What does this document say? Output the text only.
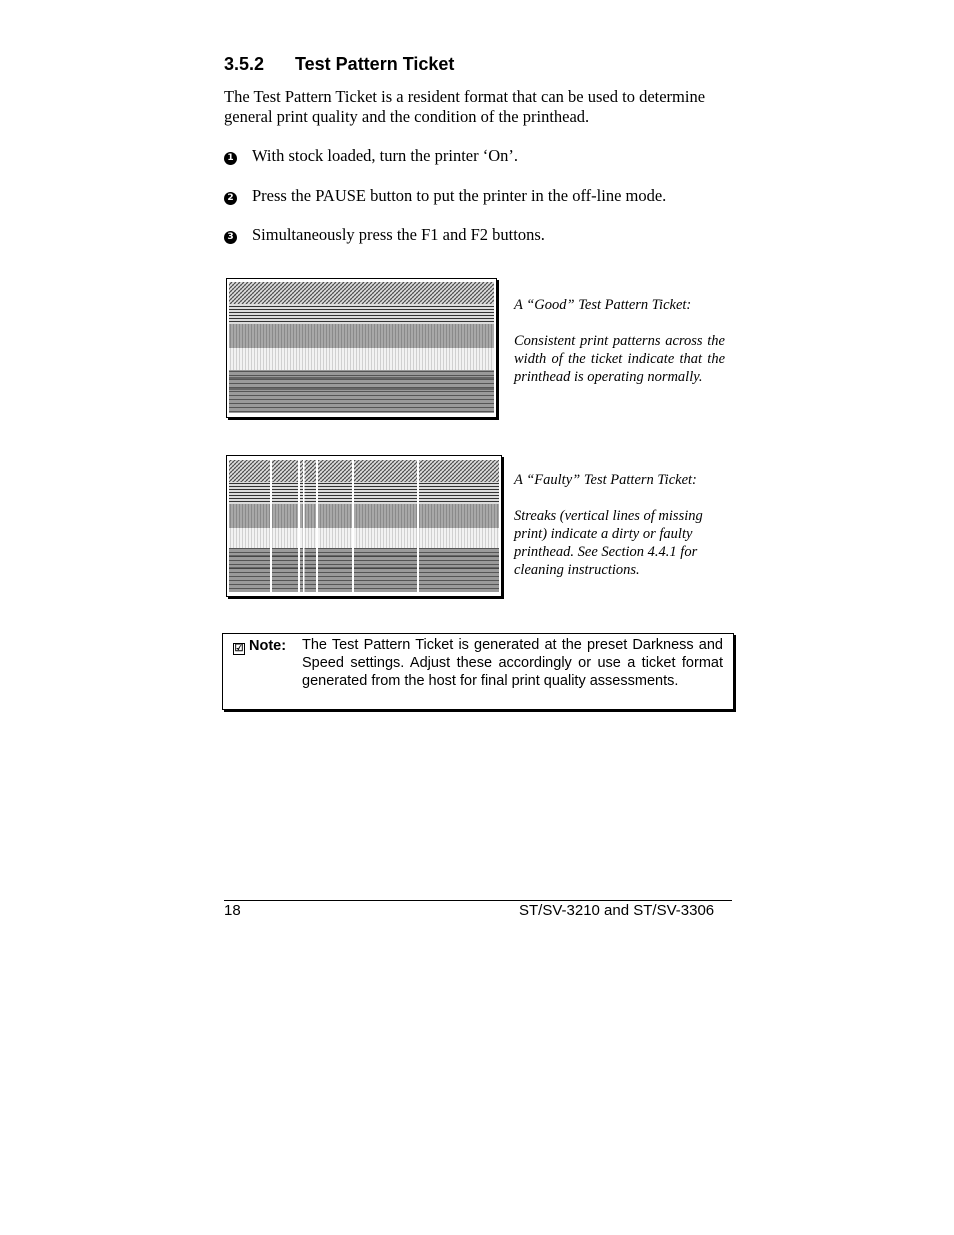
3.5.2 Test Pattern Ticket
The Test Pattern Ticket is a resident format that can be used to determine general print quality and the condition of the printhead.
1 With stock loaded, turn the printer ‘On’.
2 Press the PAUSE button to put the printer in the off-line mode.
3 Simultaneously press the F1 and F2 buttons.
A “Good” Test Pattern Ticket:
Consistent print patterns across the width of the ticket indicate that the printhead is operating normally.
A “Faulty” Test Pattern Ticket:
Streaks (vertical lines of missing print) indicate a dirty or faulty printhead. See Section 4.4.1 for cleaning instructions.
☑ Note: The Test Pattern Ticket is generated at the preset Darkness and Speed settings. Adjust these accordingly or use a ticket format generated from the host for final print quality assessments.
18	ST/SV-3210 and ST/SV-3306
